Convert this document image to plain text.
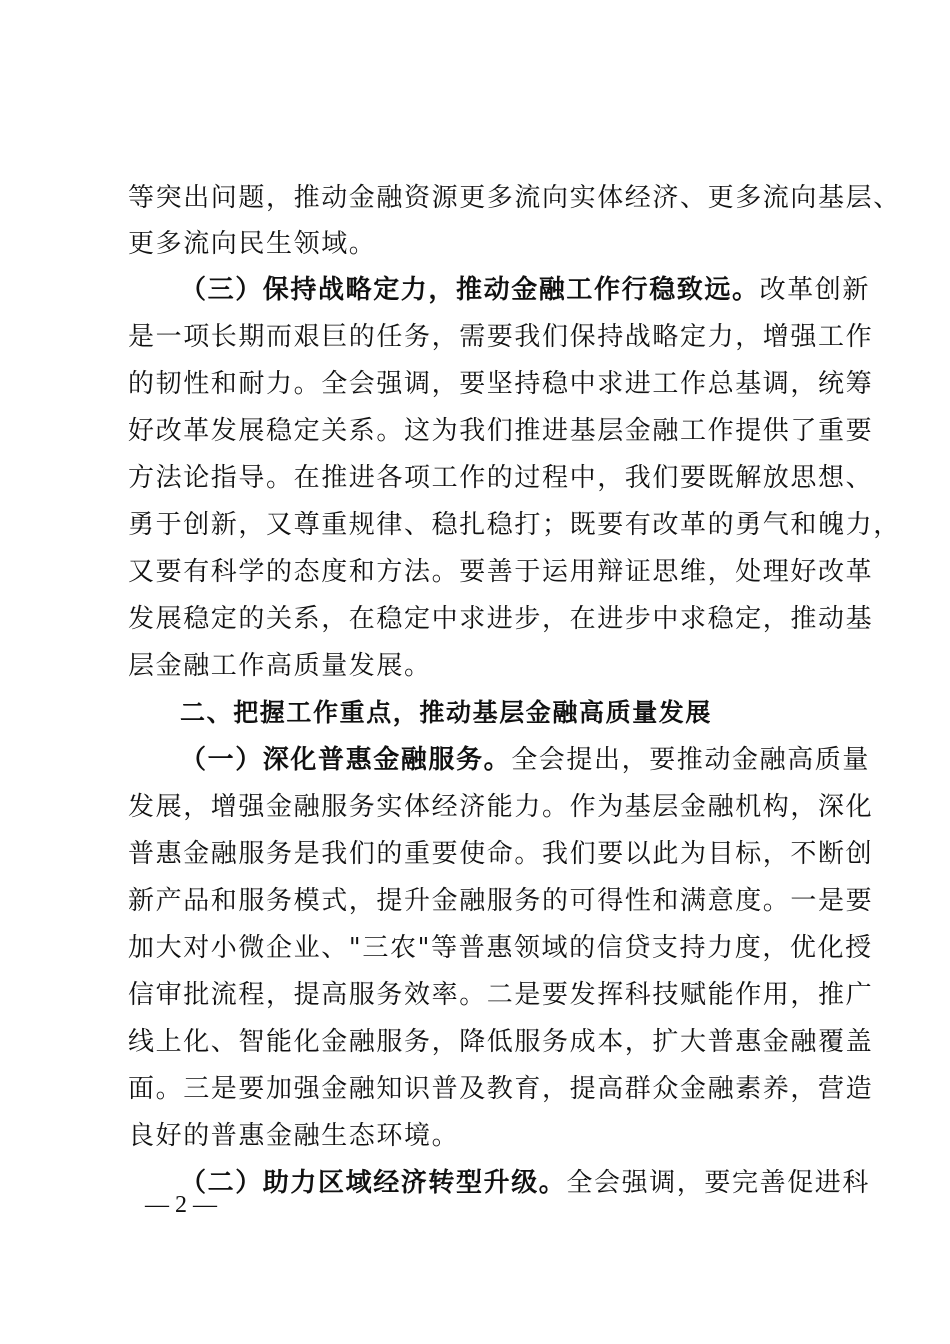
等突出问题，推动金融资源更多流向实体经济、更多流向基层、
更多流向民生领域。
（三）保持战略定力，推动金融工作行稳致远。改革创新
是一项长期而艰巨的任务，需要我们保持战略定力，增强工作
的韧性和耐力。全会强调，要坚持稳中求进工作总基调，统筹
好改革发展稳定关系。这为我们推进基层金融工作提供了重要
方法论指导。在推进各项工作的过程中，我们要既解放思想、
勇于创新，又尊重规律、稳扎稳打；既要有改革的勇气和魄力，
又要有科学的态度和方法。要善于运用辩证思维，处理好改革
发展稳定的关系，在稳定中求进步，在进步中求稳定，推动基
层金融工作高质量发展。
二、把握工作重点，推动基层金融高质量发展
（一）深化普惠金融服务。全会提出，要推动金融高质量
发展，增强金融服务实体经济能力。作为基层金融机构，深化
普惠金融服务是我们的重要使命。我们要以此为目标，不断创
新产品和服务模式，提升金融服务的可得性和满意度。一是要
加大对小微企业、"三农"等普惠领域的信贷支持力度，优化授
信审批流程，提高服务效率。二是要发挥科技赋能作用，推广
线上化、智能化金融服务，降低服务成本，扩大普惠金融覆盖
面。三是要加强金融知识普及教育，提高群众金融素养，营造
良好的普惠金融生态环境。
（二）助力区域经济转型升级。全会强调，要完善促进科
— 2 —
